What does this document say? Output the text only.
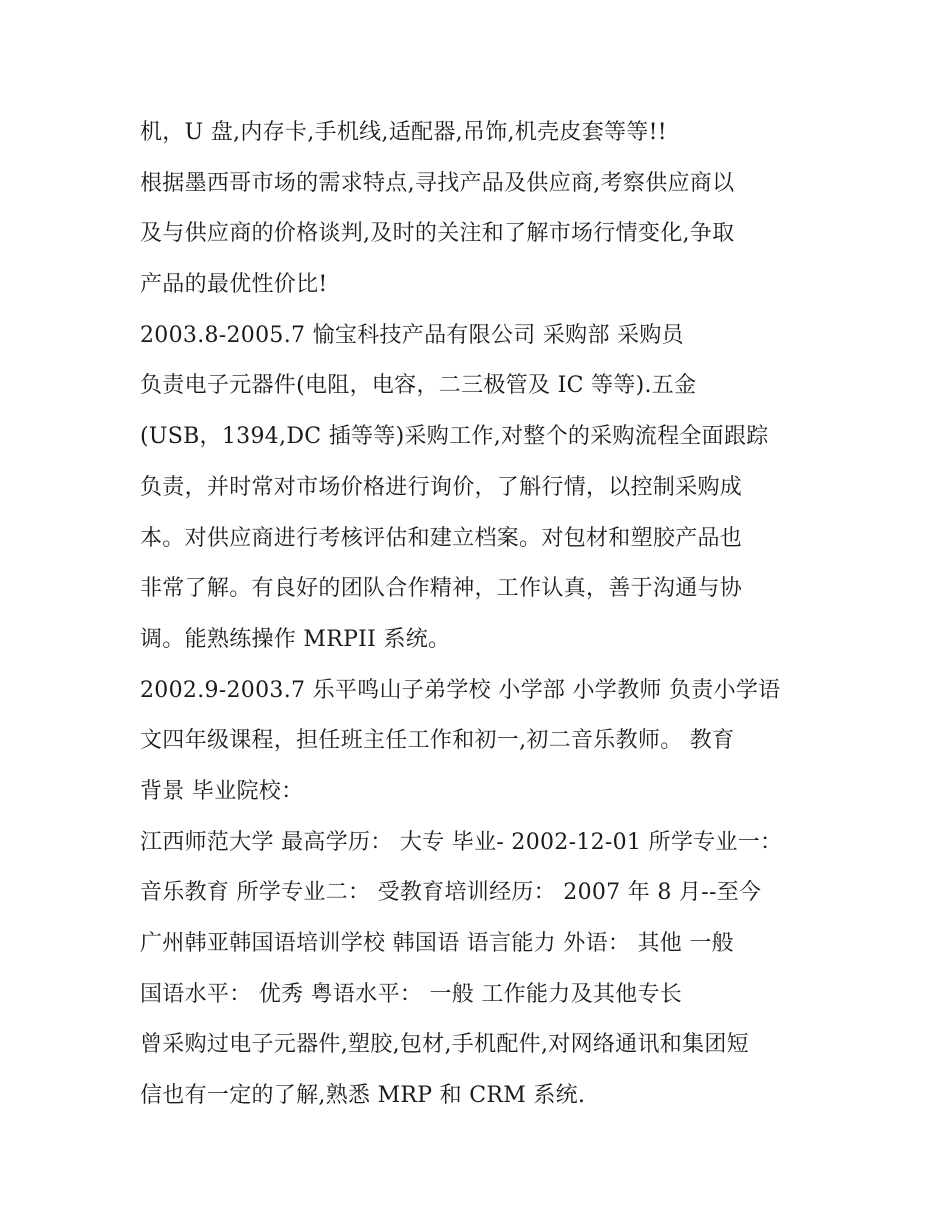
机，U 盘,内存卡,手机线,适配器,吊饰,机壳皮套等等!!
根据墨西哥市场的需求特点,寻找产品及供应商,考察供应商以
及与供应商的价格谈判,及时的关注和了解市场行情变化,争取
产品的最优性价比!
2003.8-2005.7 愉宝科技产品有限公司 采购部 采购员
负责电子元器件(电阻，电容，二三极管及 IC 等等).五金
(USB，1394,DC 插等等)采购工作,对整个的采购流程全面跟踪
负责，并时常对市场价格进行询价，了斛行情，以控制采购成
本。对供应商进行考核评估和建立档案。对包材和塑胶产品也
非常了解。有良好的团队合作精神，工作认真，善于沟通与协
调。能熟练操作 MRPII 系统。
2002.9-2003.7 乐平鸣山子弟学校 小学部 小学教师 负责小学语
文四年级课程，担任班主任工作和初一,初二音乐教师。 教育
背景 毕业院校：
江西师范大学 最高学历： 大专 毕业- 2002-12-01 所学专业一：
音乐教育 所学专业二： 受教育培训经历： 2007 年 8 月--至今
广州韩亚韩国语培训学校 韩国语 语言能力 外语： 其他 一般
国语水平： 优秀 粤语水平： 一般 工作能力及其他专长
曾采购过电子元器件,塑胶,包材,手机配件,对网络通讯和集团短
信也有一定的了解,熟悉 MRP 和 CRM 系统.
